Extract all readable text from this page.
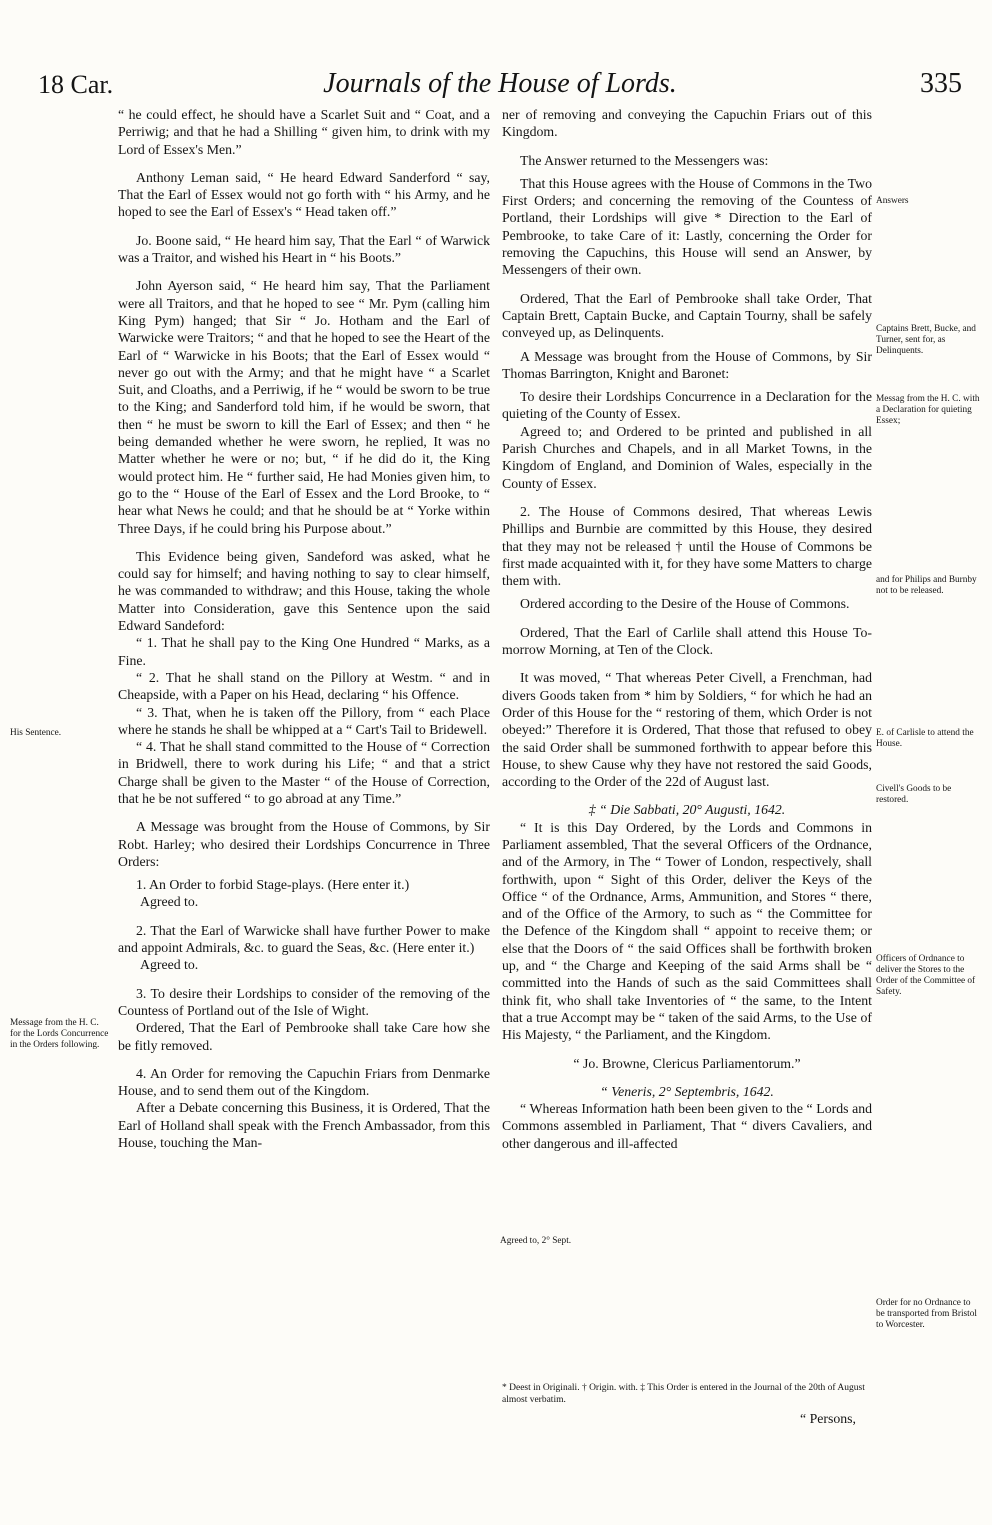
18 Car.	Journals of the House of Lords.	335

“ he could effect, he should have a Scarlet Suit and “ Coat, and a Perriwig; and that he had a Shilling “ given him, to drink with my Lord of Essex's Men.”

Anthony Leman said, “ He heard Edward Sanderford “ say, That the Earl of Essex would not go forth with “ his Army, and he hoped to see the Earl of Essex's “ Head taken off.”

Jo. Boone said, “ He heard him say, That the Earl “ of Warwick was a Traitor, and wished his Heart in “ his Boots.”

John Ayerson said, “ He heard him say, That the Parliament were all Traitors, and that he hoped to see “ Mr. Pym (calling him King Pym) hanged; that Sir “ Jo. Hotham and the Earl of Warwicke were Traitors; “ and that he hoped to see the Heart of the Earl of “ Warwicke in his Boots; that the Earl of Essex would “ never go out with the Army; and that he might have “ a Scarlet Suit, and Cloaths, and a Perriwig, if he “ would be sworn to be true to the King; and Sanderford told him, if he would be sworn, that then “ he must be sworn to kill the Earl of Essex; and then “ he being demanded whether he were sworn, he replied, It was no Matter whether he were or no; but, “ if he did do it, the King would protect him. He “ further said, He had Monies given him, to go to the “ House of the Earl of Essex and the Lord Brooke, to “ hear what News he could; and that he should be at “ Yorke within Three Days, if he could bring his Purpose about.”

This Evidence being given, Sandeford was asked, what he could say for himself; and having nothing to say to clear himself, he was commanded to withdraw; and this House, taking the whole Matter into Consideration, gave this Sentence upon the said Edward Sandeford:

“ 1. That he shall pay to the King One Hundred “ Marks, as a Fine.

“ 2. That he shall stand on the Pillory at Westm. “ and in Cheapside, with a Paper on his Head, declaring “ his Offence.

“ 3. That, when he is taken off the Pillory, from “ each Place where he stands he shall be whipped at a “ Cart's Tail to Bridewell.

“ 4. That he shall stand committed to the House of “ Correction in Bridwell, there to work during his Life; “ and that a strict Charge shall be given to the Master “ of the House of Correction, that he be not suffered “ to go abroad at any Time.”

A Message was brought from the House of Commons, by Sir Robt. Harley; who desired their Lordships Concurrence in Three Orders:

1. An Order to forbid Stage-plays. (Here enter it.)

Agreed to.

2. That the Earl of Warwicke shall have further Power to make and appoint Admirals, &c. to guard the Seas, &c. (Here enter it.)

Agreed to.

3. To desire their Lordships to consider of the removing of the Countess of Portland out of the Isle of Wight.

Ordered, That the Earl of Pembrooke shall take Care how she be fitly removed.

4. An Order for removing the Capuchin Friars from Denmarke House, and to send them out of the Kingdom.

After a Debate concerning this Business, it is Ordered, That the Earl of Holland shall speak with the French Ambassador, from this House, touching the Man-

ner of removing and conveying the Capuchin Friars out of this Kingdom.

The Answer returned to the Messengers was:

That this House agrees with the House of Commons in the Two First Orders; and concerning the removing of the Countess of Portland, their Lordships will give * Direction to the Earl of Pembrooke, to take Care of it: Lastly, concerning the Order for removing the Capuchins, this House will send an Answer, by Messengers of their own.

Ordered, That the Earl of Pembrooke shall take Order, That Captain Brett, Captain Bucke, and Captain Tourny, shall be safely conveyed up, as Delinquents.

A Message was brought from the House of Commons, by Sir Thomas Barrington, Knight and Baronet:

To desire their Lordships Concurrence in a Declaration for the quieting of the County of Essex.

Agreed to; and Ordered to be printed and published in all Parish Churches and Chapels, and in all Market Towns, in the Kingdom of England, and Dominion of Wales, especially in the County of Essex.

2. The House of Commons desired, That whereas Lewis Phillips and Burnbie are committed by this House, they desired that they may not be released † until the House of Commons be first made acquainted with it, for they have some Matters to charge them with.

Ordered according to the Desire of the House of Commons.

Ordered, That the Earl of Carlile shall attend this House To-morrow Morning, at Ten of the Clock.

It was moved, “ That whereas Peter Civell, a Frenchman, had divers Goods taken from * him by Soldiers, “ for which he had an Order of this House for the “ restoring of them, which Order is not obeyed:” Therefore it is Ordered, That those that refused to obey the said Order shall be summoned forthwith to appear before this House, to shew Cause why they have not restored the said Goods, according to the Order of the 22d of August last.

‡ “ Die Sabbati, 20° Augusti, 1642.

“ It is this Day Ordered, by the Lords and Commons in Parliament assembled, That the several Officers of the Ordnance, and of the Armory, in The “ Tower of London, respectively, shall forthwith, upon “ Sight of this Order, deliver the Keys of the Office “ of the Ordnance, Arms, Ammunition, and Stores “ there, and of the Office of the Armory, to such as “ the Committee for the Defence of the Kingdom shall “ appoint to receive them; or else that the Doors of “ the said Offices shall be forthwith broken up, and “ the Charge and Keeping of the said Arms shall be “ committed into the Hands of such as the said Committees shall think fit, who shall take Inventories of “ the same, to the Intent that a true Accompt may be “ taken of the said Arms, to the Use of His Majesty, “ the Parliament, and the Kingdom.

“ Jo. Browne, Clericus Parliamentorum.”

“ Veneris, 2° Septembris, 1642.

“ Whereas Information hath been been given to the “ Lords and Commons assembled in Parliament, That “ divers Cavaliers, and other dangerous and ill-affected

His Sentence.
Message from the H. C. for the Lords Concurrence in the Orders following.
Answers
Captains Brett, Bucke, and Turner, sent for, as Delinquents.
Messag from the H. C. with a Declaration for quieting Essex;
and for Philips and Burnby not to be released.
E. of Carlisle to attend the House.
Civell's Goods to be restored.
Officers of Ordnance to deliver the Stores to the Order of the Committee of Safety.
Agreed to, 2° Sept.
Order for no Ordnance to be transported from Bristol to Worcester.
* Deest in Originali. † Origin. with. ‡ This Order is entered in the Journal of the 20th of August almost verbatim.
“ Persons,
